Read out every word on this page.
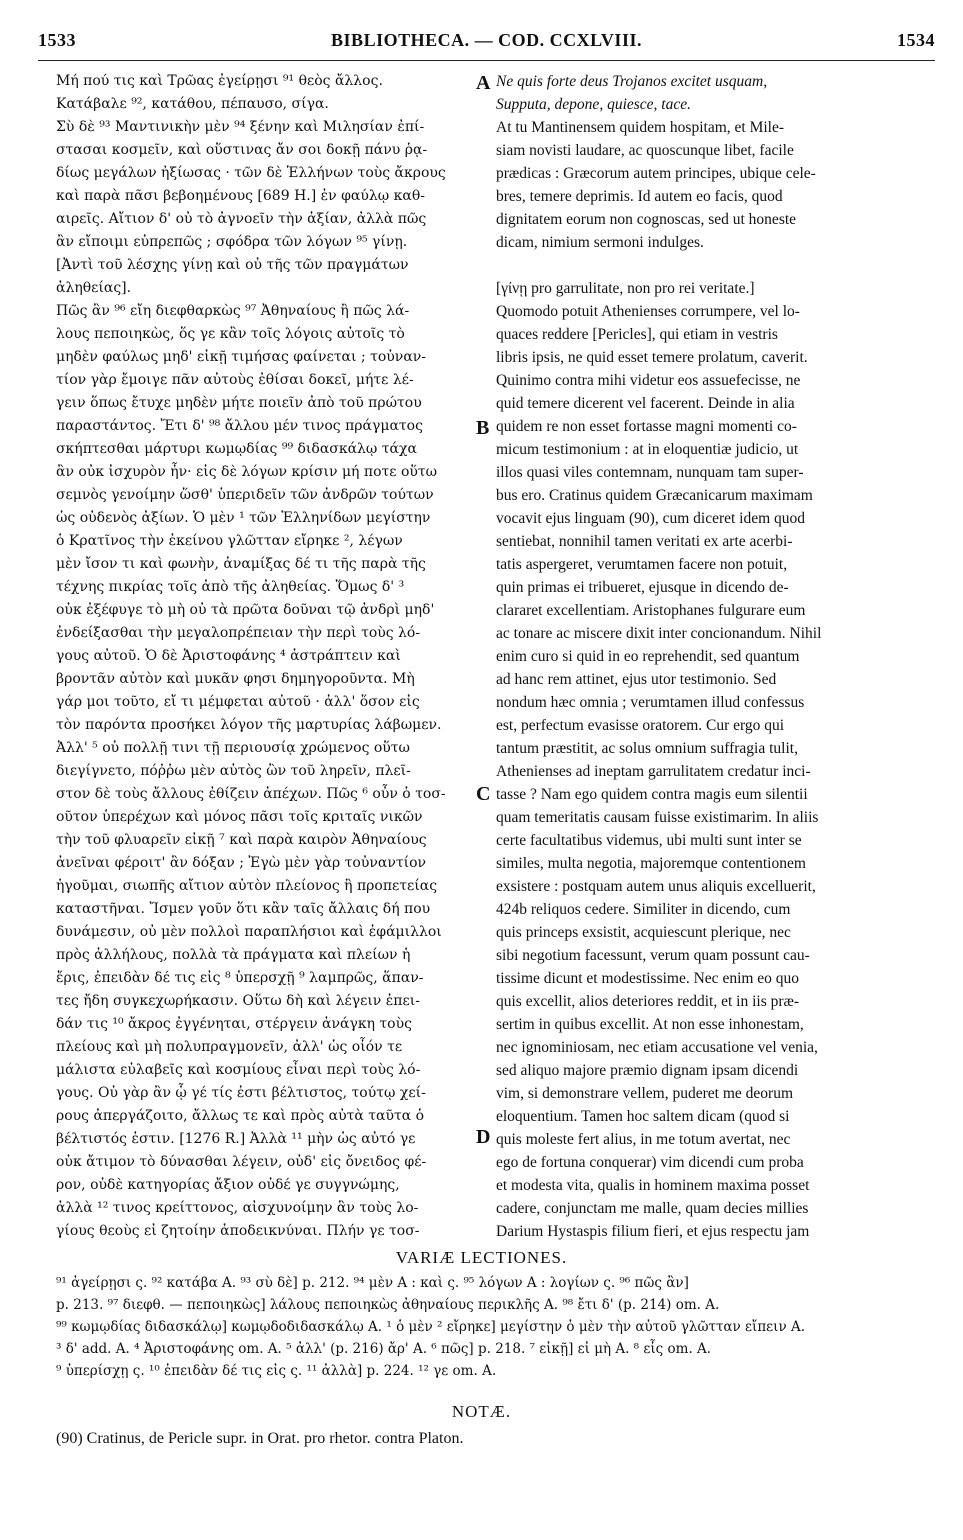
1533	BIBLIOTHECA. — COD. CCXLVIII.	1534
Μή πού τις καὶ Τρῶας ἐγείρῃσι ⁹¹ θεὸς ἄλλος.
Κατάβαλε ⁹², κατάθου, πέπαυσο, σίγα.
Σὺ δὲ ⁹³ Μαντινικὴν μὲν ⁹⁴ ξένην καὶ Μιλησίαν ἐπί-
στασαι κοσμεῖν, καὶ οὕστινας ἄν σοι δοκῇ πάνυ ῥᾳ-
δίως μεγάλων ἠξίωσας · τῶν δὲ Ἑλλήνων τοὺς ἄκρους
καὶ παρὰ πᾶσι βεβοημένους [689 H.] ἐν φαύλῳ καθ-
αιρεῖς. Αἴτιον δ' οὐ τὸ ἀγνοεῖν τὴν ἀξίαν, ἀλλὰ πῶς
ἂν εἴποιμι εὐπρεπῶς ; σφόδρα τῶν λόγων ⁹⁵ γίνῃ.
[Ἀντὶ τοῦ λέσχης γίνῃ καὶ οὐ τῆς τῶν πραγμάτων
ἀληθείας].
Πῶς ἂν ⁹⁶ εἴη διεφθαρκὼς ⁹⁷ Ἀθηναίους ἢ πῶς λά-
λους πεποιηκὼς, ὅς γε κἂν τοῖς λόγοις αὐτοῖς τὸ
μηδὲν φαύλως μηδ' εἰκῇ τιμήσας φαίνεται ; τοὐναν-
τίον γὰρ ἔμοιγε πᾶν αὐτοὺς ἐθίσαι δοκεῖ, μήτε λέ-
γειν ὅπως ἔτυχε μηδὲν μήτε ποιεῖν ἀπὸ τοῦ πρώτου
παραστάντος. Ἔτι δ' ⁹⁸ ἄλλου μέν τινος πράγματος
σκήπτεσθαι μάρτυρι κωμῳδίας ⁹⁹ διδασκάλῳ τάχα
ἂν οὐκ ἰσχυρὸν ἦν· εἰς δὲ λόγων κρίσιν μή ποτε οὕτω
σεμνὸς γενοίμην ὥσθ' ὑπεριδεῖν τῶν ἀνδρῶν τούτων
ὡς οὐδενὸς ἀξίων. Ὁ μὲν ¹ τῶν Ἑλληνίδων μεγίστην
ὁ Κρατῖνος τὴν ἐκείνου γλῶτταν εἴρηκε ², λέγων
μὲν ἴσον τι καὶ φωνὴν, ἀναμίξας δέ τι τῆς παρὰ τῆς
τέχνης πικρίας τοῖς ἀπὸ τῆς ἀληθείας. Ὅμως δ' ³
οὐκ ἐξέφυγε τὸ μὴ οὐ τὰ πρῶτα δοῦναι τῷ ἀνδρὶ μηδ'
ἐνδείξασθαι τὴν μεγαλοπρέπειαν τὴν περὶ τοὺς λό-
γους αὐτοῦ. Ὁ δὲ Ἀριστοφάνης ⁴ ἀστράπτειν καὶ
βροντᾶν αὐτὸν καὶ μυκᾶν φησι δημηγοροῦντα. Μὴ
γάρ μοι τοῦτο, εἴ τι μέμφεται αὐτοῦ · ἀλλ' ὅσον εἰς
τὸν παρόντα προσήκει λόγον τῆς μαρτυρίας λάβωμεν.
Ἀλλ' ⁵ οὐ πολλῇ τινι τῇ περιουσίᾳ χρώμενος οὕτω
διεγίγνετο, πόῤῥω μὲν αὐτὸς ὢν τοῦ ληρεῖν, πλεῖ-
στον δὲ τοὺς ἄλλους ἐθίζειν ἀπέχων. Πῶς ⁶ οὖν ὁ τοσ-
οῦτον ὑπερέχων καὶ μόνος πᾶσι τοῖς κριταῖς νικῶν
τὴν τοῦ φλυαρεῖν εἰκῇ ⁷ καὶ παρὰ καιρὸν Ἀθηναίους
ἀνεῖναι φέροιτ' ἂν δόξαν ; Ἐγὼ μὲν γὰρ τοὐναντίον
ἡγοῦμαι, σιωπῆς αἴτιον αὐτὸν πλείονος ἢ προπετείας
καταστῆναι. Ἴσμεν γοῦν ὅτι κἂν ταῖς ἄλλαις δή που
δυνάμεσιν, οὐ μὲν πολλοὶ παραπλήσιοι καὶ ἐφάμιλλοι
πρὸς ἀλλήλους, πολλὰ τὰ πράγματα καὶ πλείων ἡ
ἔρις, ἐπειδὰν δέ τις εἰς ⁸ ὑπερσχῇ ⁹ λαμπρῶς, ἅπαν-
τες ἤδη συγκεχωρήκασιν. Οὕτω δὴ καὶ λέγειν ἐπει-
δάν τις ¹⁰ ἄκρος ἐγγένηται, στέργειν ἀνάγκη τοὺς
πλείους καὶ μὴ πολυπραγμονεῖν, ἀλλ' ὡς οἷόν τε
μάλιστα εὐλαβεῖς καὶ κοσμίους εἶναι περὶ τοὺς λό-
γους. Οὐ γὰρ ἂν ᾧ γέ τίς ἐστι βέλτιστος, τούτῳ χεί-
ρους ἀπεργάζοιτο, ἄλλως τε καὶ πρὸς αὐτὰ ταῦτα ὁ
βέλτιστός ἐστιν. [1276 R.] Ἀλλὰ ¹¹ μὴν ὡς αὐτό γε
οὐκ ἄτιμον τὸ δύνασθαι λέγειν, οὐδ' εἰς ὄνειδος φέ-
ρον, οὐδὲ κατηγορίας ἄξιον οὐδέ γε συγγνώμης,
ἀλλὰ ¹² τινος κρείττονος, αἰσχυνοίμην ἂν τοὺς λο-
γίους θεοὺς εἰ ζητοίην ἀποδεικνύναι. Πλήν γε τοσ-
Ne quis forte deus Trojanos excitet usquam,
Supputa, depone, quiesce, tace.
At tu Mantinensem quidem hospitam, et Mile-
siam novisti laudare, ac quoscunque libet, facile
prædicas : Græcorum autem principes, ubique cele-
bres, temere deprimis. Id autem eo facis, quod
dignitatem eorum non cognoscas, sed ut honeste
dicam, nimium sermoni indulges.
[γίνῃ pro garrulitate, non pro rei veritate.]
Quomodo potuit Athenienses corrumpere, vel lo-
quaces reddere [Pericles], qui etiam in vestris
libris ipsis, ne quid esset temere prolatum, caverit.
Quinimo contra mihi videtur eos assuefecisse, ne
quid temere dicerent vel facerent. Deinde in alia
quidem re non esset fortasse magni momenti co-
micum testimonium : at in eloquentiæ judicio, ut
illos quasi viles contemnam, nunquam tam super-
bus ero. Cratinus quidem Græcanicarum maximam
vocavit ejus linguam (90), cum diceret idem quod
sentiebat, nonnihil tamen veritati ex arte acerbi-
tatis aspergeret, verumtamen facere non potuit,
quin primas ei tribueret, ejusque in dicendo de-
clararet excellentiam. Aristophanes fulgurare eum
ac tonare ac miscere dixit inter concionandum. Nihil
enim curo si quid in eo reprehendit, sed quantum
ad hanc rem attinet, ejus utor testimonio. Sed
nondum hæc omnia ; verumtamen illud confessus
est, perfectum evasisse oratorem. Cur ergo qui
tantum præstitit, ac solus omnium suffragia tulit,
Athenienses ad ineptam garrulitatem credatur inci-
tasse ? Nam ego quidem contra magis eum silentii
quam temeritatis causam fuisse existimarim. In aliis
certe facultatibus videmus, ubi multi sunt inter se
similes, multa negotia, majoremque contentionem
exsistere : postquam autem unus aliquis excelluerit,
424b reliquos cedere. Similiter in dicendo, cum
quis princeps exsistit, acquiescunt plerique, nec
sibi negotium facessunt, verum quam possunt cau-
tissime dicunt et modestissime. Nec enim eo quo
quis excellit, alios deteriores reddit, et in iis præ-
sertim in quibus excellit. At non esse inhonestam,
nec ignominiosam, nec etiam accusatione vel venia,
sed aliquo majore præmio dignam ipsam dicendi
vim, si demonstrare vellem, puderet me deorum
eloquentium. Tamen hoc saltem dicam (quod si
quis moleste fert alius, in me totum avertat, nec
ego de fortuna conquerar) vim dicendi cum proba
et modesta vita, qualis in hominem maxima posset
cadere, conjunctam me malle, quam decies millies
Darium Hystaspis filium fieri, et ejus respectu jam
A
B
C
D
VARIÆ LECTIONES.
⁹¹ ἀγείρῃσι ς. ⁹² κατάβα A. ⁹³ σὺ δὲ] p. 212. ⁹⁴ μὲν A : καὶ ς. ⁹⁵ λόγων A : λογίων ς. ⁹⁶ πῶς ἂν]
p. 213. ⁹⁷ διεφθ. — πεποιηκὼς] λάλους πεποιηκὼς ἀθηναίους περικλῆς A. ⁹⁸ ἔτι δ' (p. 214) om. A.
⁹⁹ κωμῳδίας διδασκάλῳ] κωμῳδοδιδασκάλῳ A. ¹ ὁ μὲν ² εἴρηκε] μεγίστην ὁ μὲν τὴν αὐτοῦ γλῶτταν εἴπειν A.
³ δ' add. A. ⁴ Ἀριστοφάνης om. A. ⁵ ἀλλ' (p. 216) ἄρ' A. ⁶ πῶς] p. 218. ⁷ εἰκῇ] εἰ μὴ A. ⁸ εἷς om. A.
⁹ ὑπερίσχῃ ς. ¹⁰ ἐπειδὰν δέ τις εἰς ς. ¹¹ ἀλλὰ] p. 224. ¹² γε om. A.
NOTÆ.
(90) Cratinus, de Pericle supr. in Orat. pro rhetor. contra Platon.
